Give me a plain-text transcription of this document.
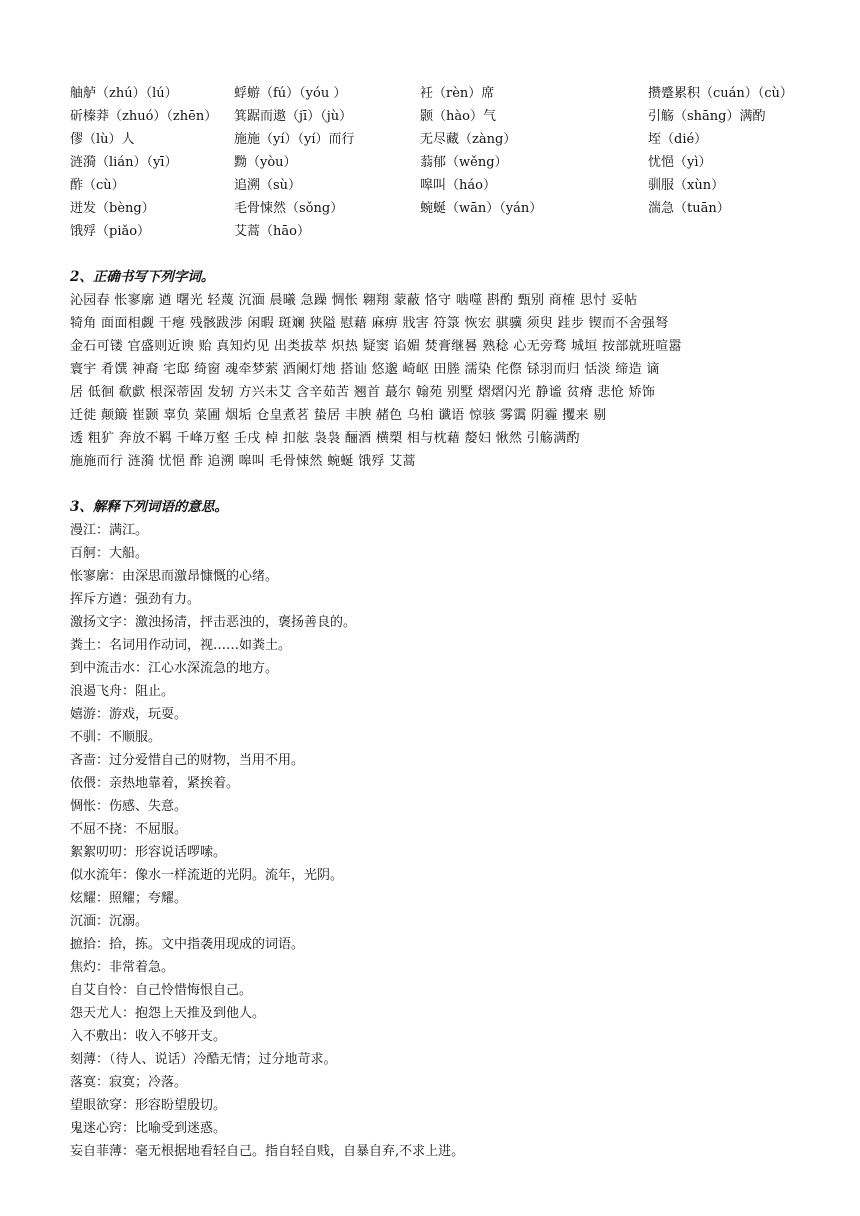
舳舻（zhú）（lú）	蜉蝣（fú）（yóu ）	衽（rèn）席	攒蹙累积（cuán）（cù）
斫榛莽（zhuó）（zhēn）	箕踞而遨（jī）（jù）	颢（hào）气	引觞（shāng）满酌
僇（lù）人	施施（yí）（yí）而行	无尽藏（zàng）	垤（dié）
涟漪（lián）（yī）	黝（yòu）	蓊郁（wěng）	忧悒（yì）
酢（cù）	追溯（sù）	嗥叫（háo）	驯服（xùn）
迸发（bèng）	毛骨悚然（sǒng）	蜿蜒（wān）（yán）	湍急（tuān）
饿殍（piǎo）	艾蒿（hāo）
2、正确书写下列字词。
沁园春 怅寥廓 遒 曙光 轻蔑 沉湎 晨曦 急躁 惆怅 翱翔 蒙蔽 恪守 啮噬 斟酌 甄别 商榷 思忖 妥帖
犄角 面面相觑 干瘪 残骸跋涉 闲暇 斑斓 狭隘 慰藉 麻痹 戕害 符箓 恢宏 骐骥 须臾 跬步 锲而不舍强弩
金石可镂 官盛则近谀 贻 真知灼见 出类拔萃 炽热 疑窦 谄媚 焚膏继晷 熟稔 心无旁骛 城垣 按部就班喧嚣
寰宇 肴馔 神裔 宅邸 绮窗 魂牵梦萦 酒阑灯灺 搭讪 悠邈 崎岖 田塍 濡染 侘傺 铩羽而归 恬淡 缔造 谪
居 低徊 欷歔 根深蒂固 发轫 方兴未艾 含辛茹苦 翘首 蕞尔 翰苑 别墅 熠熠闪光 静谧 贫瘠 悲怆 矫饰
迁徙 颠簸 崔颢 辜负 菜圃 烟垢 仓皇煮茗 蛰居 丰腴 赭色 乌桕 谶语 惊骇 雾霭 阴霾 攫来 剔
透 粗犷 奔放不羁 千峰万壑 壬戌 棹 扣舷 袅袅 酾酒 横槊 相与枕藉 嫠妇 愀然 引觞满酌
施施而行 涟漪 忧悒 酢 追溯 嗥叫 毛骨悚然 蜿蜒 饿殍 艾蒿
3、解释下列词语的意思。
漫江：满江。
百舸：大船。
怅寥廓：由深思而激昂慷慨的心绪。
挥斥方遒：强劲有力。
激扬文字：激浊扬清，抨击恶浊的，褒扬善良的。
粪土：名词用作动词，视……如粪土。
到中流击水：江心水深流急的地方。
浪遏飞舟：阻止。
嬉游：游戏，玩耍。
不驯：不顺服。
吝啬：过分爱惜自己的财物，当用不用。
依偎：亲热地靠着，紧挨着。
惆怅：伤感、失意。
不屈不挠：不屈服。
絮絮叨叨：形容说话啰嗦。
似水流年：像水一样流逝的光阴。流年，光阴。
炫耀：照耀；夸耀。
沉湎：沉溺。
摭拾：拾，拣。文中指袭用现成的词语。
焦灼：非常着急。
自艾自怜：自己怜惜悔恨自己。
怨天尤人：抱怨上天推及到他人。
入不敷出：收入不够开支。
刻薄：（待人、说话）冷酷无情；过分地苛求。
落寞：寂寞；冷落。
望眼欲穿：形容盼望殷切。
鬼迷心窍：比喻受到迷惑。
妄自菲薄：毫无根据地看轻自己。指自轻自贱，自暴自弃,不求上进。
